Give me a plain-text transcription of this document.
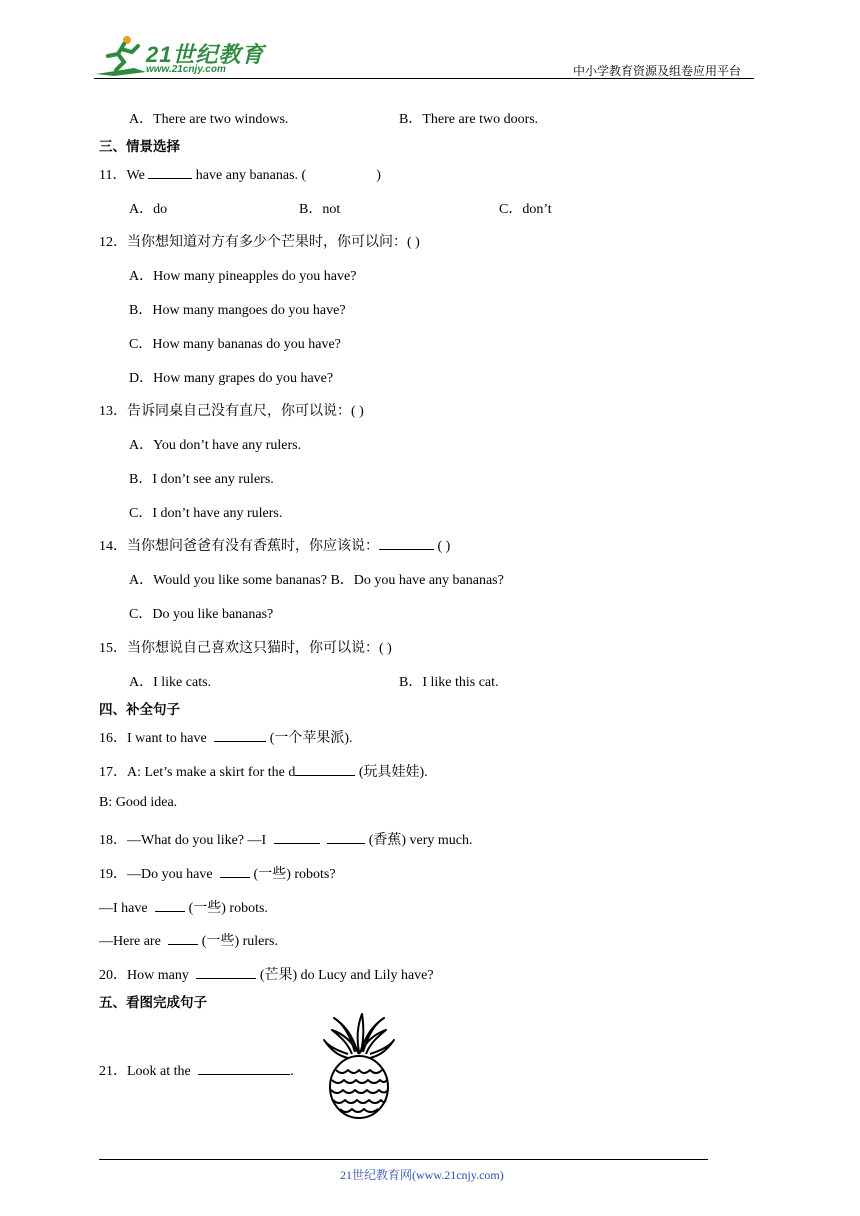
21世纪教育
www.21cnjy.com	中小学教育资源及组卷应用平台
A．There are two windows.	B．There are two doors.
三、情景选择
11．We	have any bananas. (	)
A．do	B．not	C．don’t
12．当你想知道对方有多少个芒果时，你可以问：( )
A．How many pineapples do you have?
B．How many mangoes do you have?
C．How many bananas do you have?
D．How many grapes do you have?
13．告诉同桌自己没有直尺，你可以说：( )
A．You don’t have any rulers.
B．I don’t see any rulers.
C．I don’t have any rulers.
14．当你想问爸爸有没有香蕉时，你应该说：	( )
A．Would you like some bananas? B．Do you have any bananas?
C．Do you like bananas?
15．当你想说自己喜欢这只猫时，你可以说：( )
A．I like cats.	B．I like this cat.
四、补全句子
16．I want to have	(一个苹果派).
17．A: Let’s make a skirt for the d	(玩具娃娃).
B: Good idea.
18．—What do you like? —I	(香蕉) very much.
19．—Do you have  (一些) robots?
—I have  (一些) robots.
—Here are  (一些) rulers.
20．How many	(芒果) do Lucy and Lily have?
五、看图完成句子
21．Look at the	.
21世纪教育网(www.21cnjy.com)
